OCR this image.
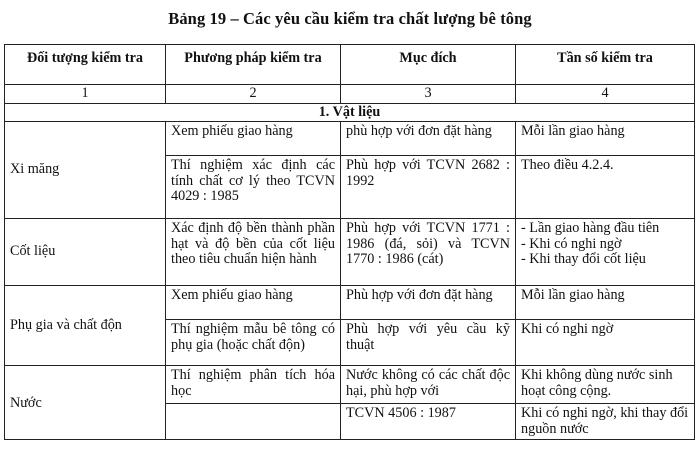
Bảng 19 – Các yêu cầu kiểm tra chất lượng bê tông
Đối tượng kiểm tra	Phương pháp kiểm tra	Mục đích	Tần số kiểm tra
1	2	3	4
1. Vật liệu			
Xi măng	Xem phiếu giao hàng	phù hợp với đơn đặt hàng	Mỗi lần giao hàng
	Thí nghiệm xác định các tính chất cơ lý theo TCVN 4029 : 1985	Phù hợp với TCVN 2682 : 1992	Theo điều 4.2.4.
Cốt liệu	Xác định độ bền thành phần hạt và độ bền của cốt liệu theo tiêu chuẩn hiện hành	Phù hợp với TCVN 1771 : 1986 (đá, sỏi) và TCVN 1770 : 1986 (cát)	- Lần giao hàng đầu tiên
- Khi có nghi ngờ
- Khi thay đổi cốt liệu

Phụ gia và chất độn	Xem phiếu giao hàng	Phù hợp với đơn đặt hàng	Mỗi lần giao hàng
	Thí nghiệm mẫu bê tông có phụ gia (hoặc chất độn)	Phù hợp với yêu cầu kỹ thuật	Khi có nghi ngờ
Nước	Thí nghiệm phân tích hóa học	Nước không có các chất độc hại, phù hợp với	Khi không dùng nước sinh hoạt công cộng.
		TCVN 4506 : 1987	Khi có nghi ngờ, khi thay đổi nguồn nước
